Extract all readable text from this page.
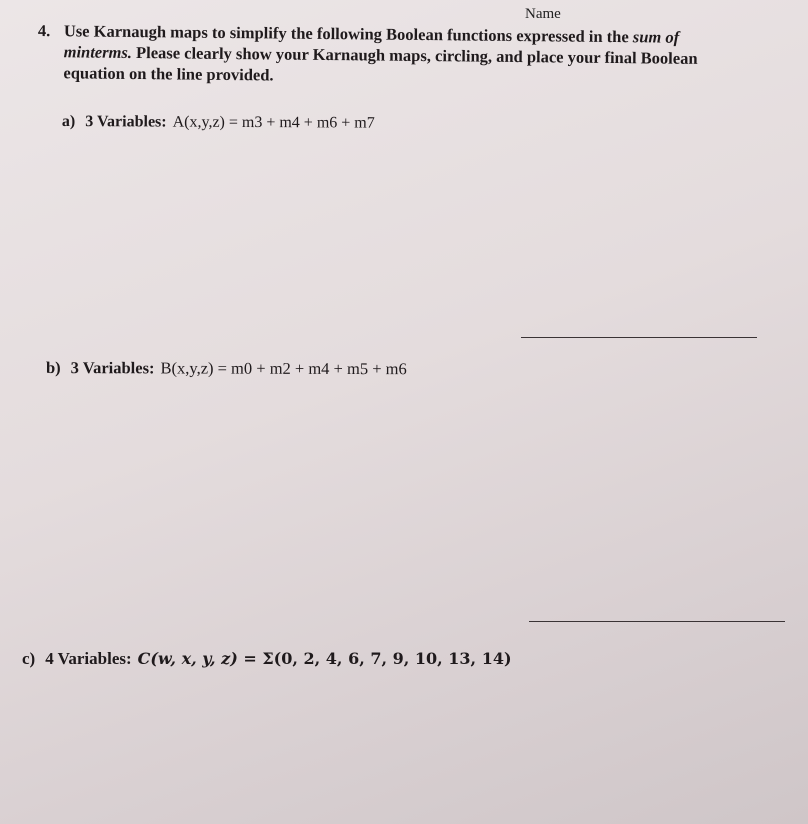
Name
4. Use Karnaugh maps to simplify the following Boolean functions expressed in the sum of
minterms. Please clearly show your Karnaugh maps, circling, and place your final Boolean
equation on the line provided.
a) 3 Variables: A(x,y,z) = m3 + m4 + m6 + m7
b) 3 Variables: B(x,y,z) = m0 + m2 + m4 + m5 + m6
c) 4 Variables: C(w, x, y, z) = Σ(0, 2, 4, 6, 7, 9, 10, 13, 14)
